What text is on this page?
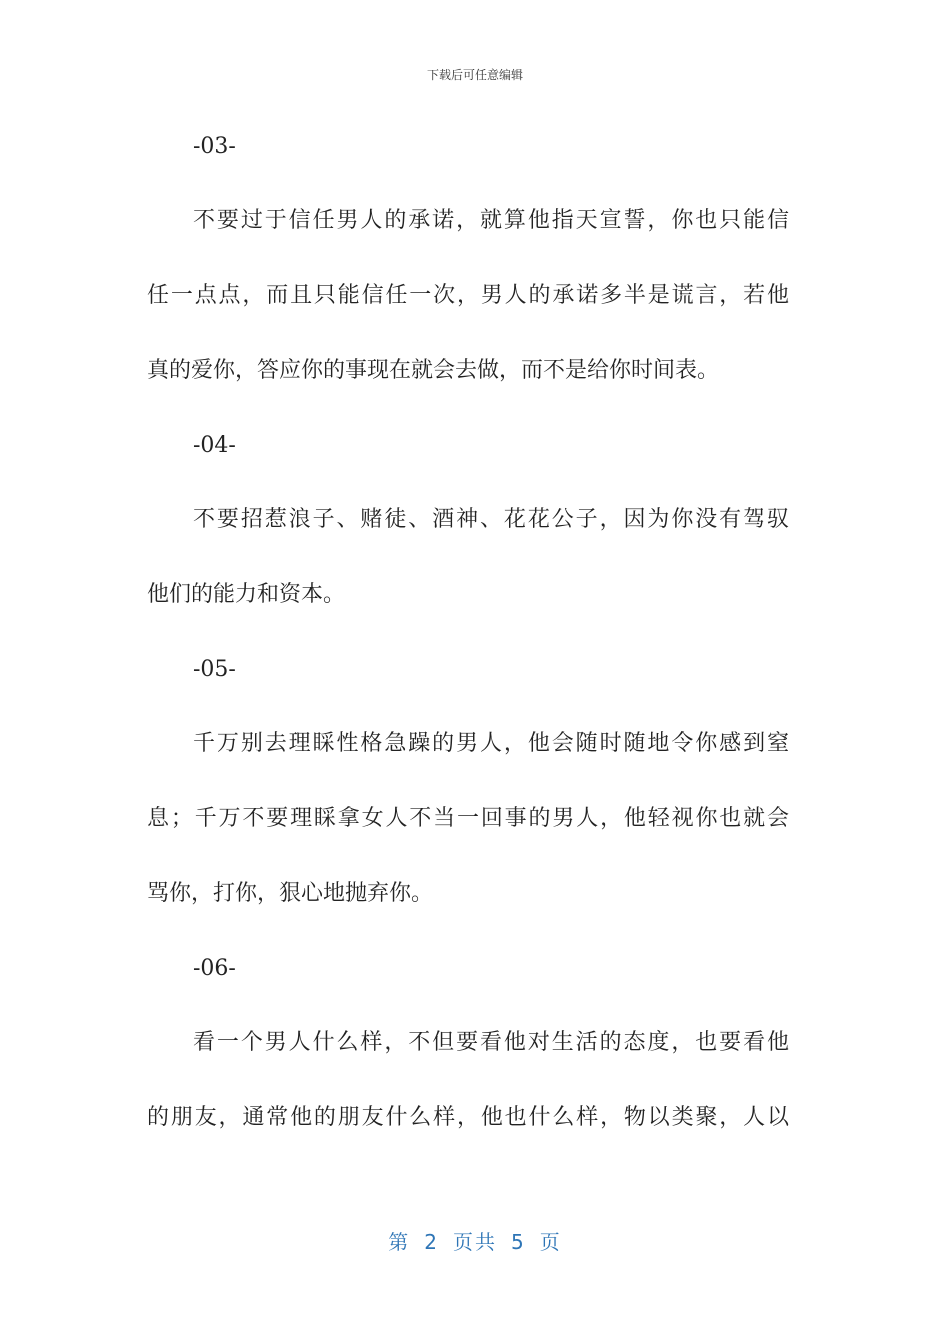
下载后可任意编辑
-03-
不要过于信任男人的承诺，就算他指天宣誓，你也只能信
任一点点，而且只能信任一次，男人的承诺多半是谎言，若他
真的爱你，答应你的事现在就会去做，而不是给你时间表。
-04-
不要招惹浪子、赌徒、酒神、花花公子，因为你没有驾驭
他们的能力和资本。
-05-
千万别去理睬性格急躁的男人，他会随时随地令你感到窒
息；千万不要理睬拿女人不当一回事的男人，他轻视你也就会
骂你，打你，狠心地抛弃你。
-06-
看一个男人什么样，不但要看他对生活的态度，也要看他
的朋友，通常他的朋友什么样，他也什么样，物以类聚，人以
第 2 页共 5 页
